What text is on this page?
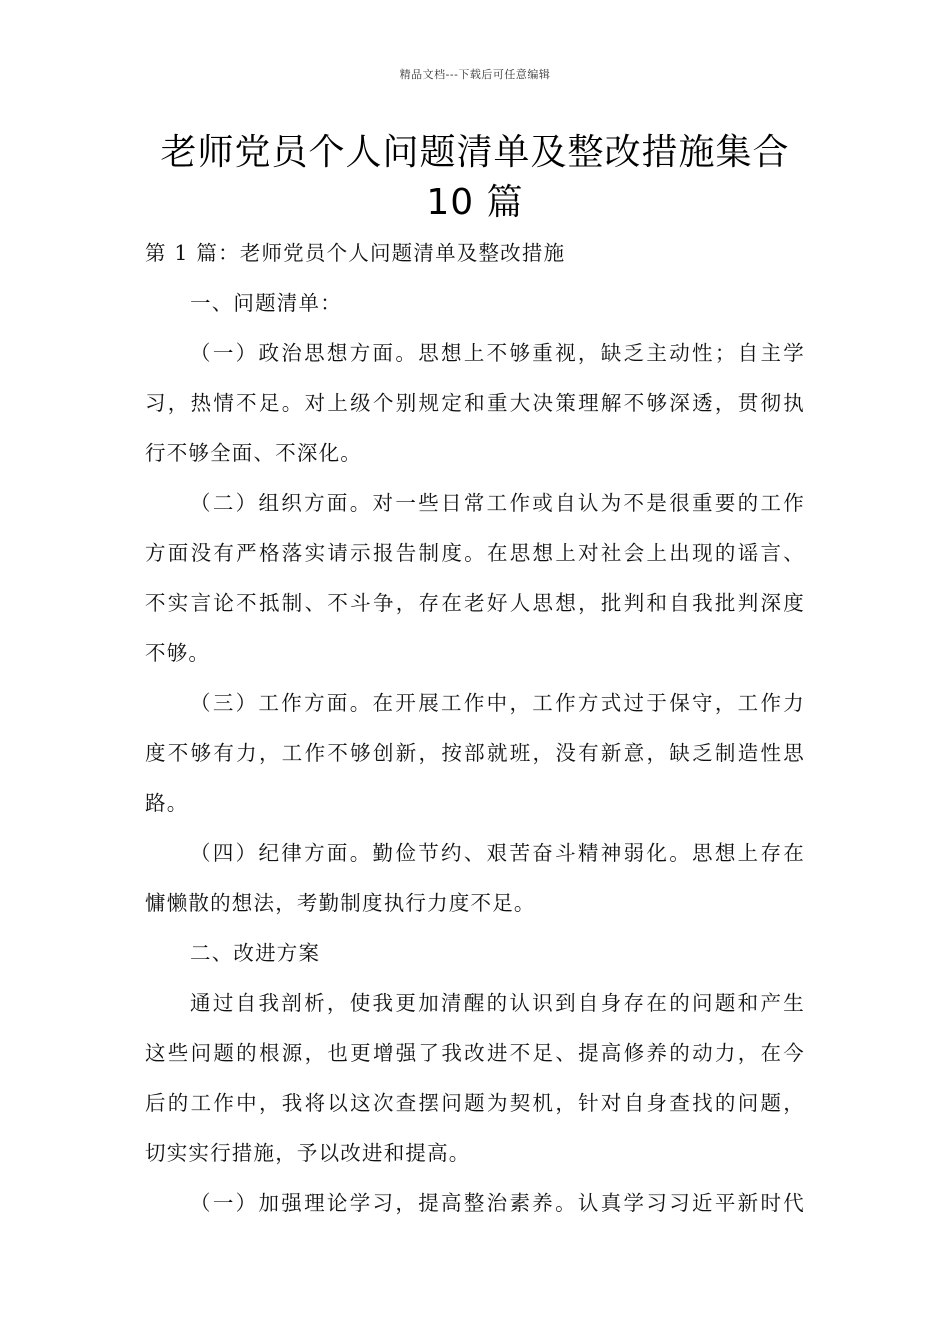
精品文档---下载后可任意编辑
老师党员个人问题清单及整改措施集合
10 篇
第 1 篇：老师党员个人问题清单及整改措施
一、问题清单：
（一）政治思想方面。思想上不够重视，缺乏主动性；自主学
习，热情不足。对上级个别规定和重大决策理解不够深透，贯彻执
行不够全面、不深化。
（二）组织方面。对一些日常工作或自认为不是很重要的工作
方面没有严格落实请示报告制度。在思想上对社会上出现的谣言、
不实言论不抵制、不斗争，存在老好人思想，批判和自我批判深度
不够。
（三）工作方面。在开展工作中，工作方式过于保守，工作力
度不够有力，工作不够创新，按部就班，没有新意，缺乏制造性思
路。
（四）纪律方面。勤俭节约、艰苦奋斗精神弱化。思想上存在
慵懒散的想法，考勤制度执行力度不足。
二、改进方案
通过自我剖析，使我更加清醒的认识到自身存在的问题和产生
这些问题的根源，也更增强了我改进不足、提高修养的动力，在今
后的工作中，我将以这次查摆问题为契机，针对自身查找的问题，
切实实行措施，予以改进和提高。
（一）加强理论学习，提高整治素养。认真学习习近平新时代
